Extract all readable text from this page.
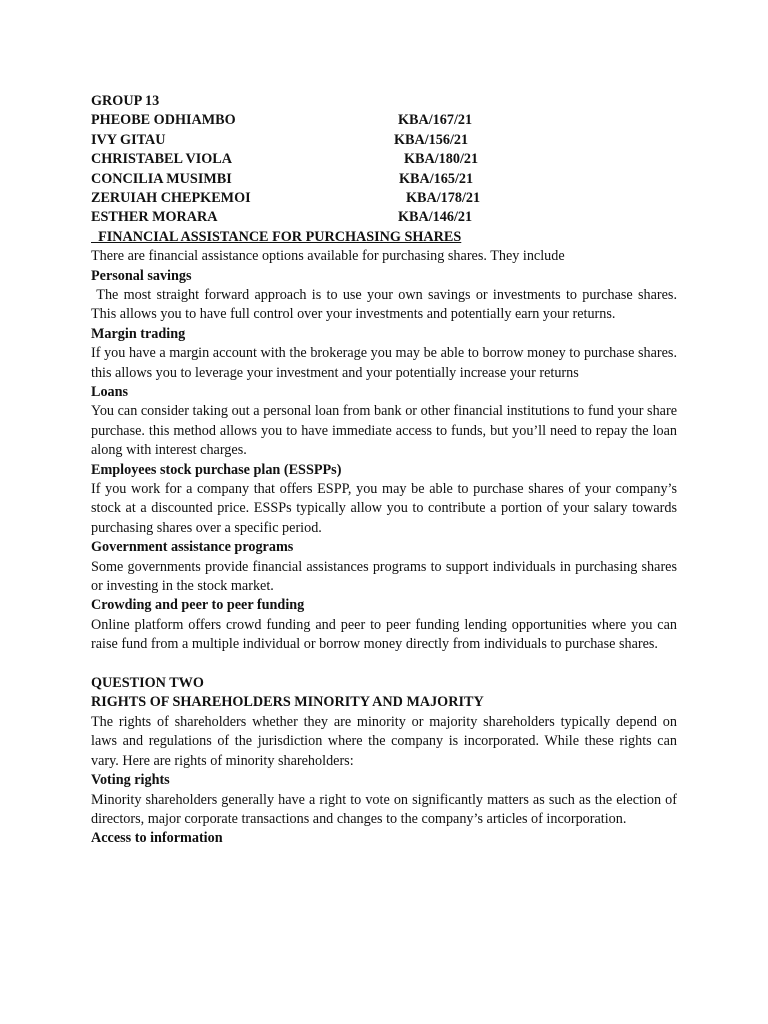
GROUP 13
PHEOBE ODHIAMBO	KBA/167/21
IVY GITAU	KBA/156/21
CHRISTABEL VIOLA	KBA/180/21
CONCILIA MUSIMBI	KBA/165/21
ZERUIAH CHEPKEMOI	KBA/178/21
ESTHER MORARA	KBA/146/21
FINANCIAL ASSISTANCE FOR PURCHASING SHARES
There are financial assistance options available for purchasing shares. They include
Personal savings
The most straight forward approach is to use your own savings or investments to purchase shares. This allows you to have full control over your investments and potentially earn your returns.
Margin trading
If you have a margin account with the brokerage you may be able to borrow money to purchase shares. this allows you to leverage your investment and your potentially increase your returns
Loans
You can consider taking out a personal loan from bank or other financial institutions to fund your share purchase. this method allows you to have immediate access to funds, but you’ll need to repay the loan along with interest charges.
Employees stock purchase plan (ESSPPs)
If you work for a company that offers ESPP, you may be able to purchase shares of your company’s stock at a discounted price. ESSPs typically allow you to contribute a portion of your salary towards purchasing shares over a specific period.
Government assistance programs
Some governments provide financial assistances programs to support individuals in purchasing shares or investing in the stock market.
Crowding and peer to peer funding
Online platform offers crowd funding and peer to peer funding lending opportunities where you can raise fund from a multiple individual or borrow money directly from individuals to purchase shares.
QUESTION TWO
RIGHTS OF SHAREHOLDERS MINORITY AND MAJORITY
The rights of shareholders whether they are minority or majority shareholders typically depend on laws and regulations of the jurisdiction where the company is incorporated. While these rights can vary. Here are rights of minority shareholders:
Voting rights
Minority shareholders generally have a right to vote on significantly matters as such as the election of directors, major corporate transactions and changes to the company’s articles of incorporation.
Access to information
